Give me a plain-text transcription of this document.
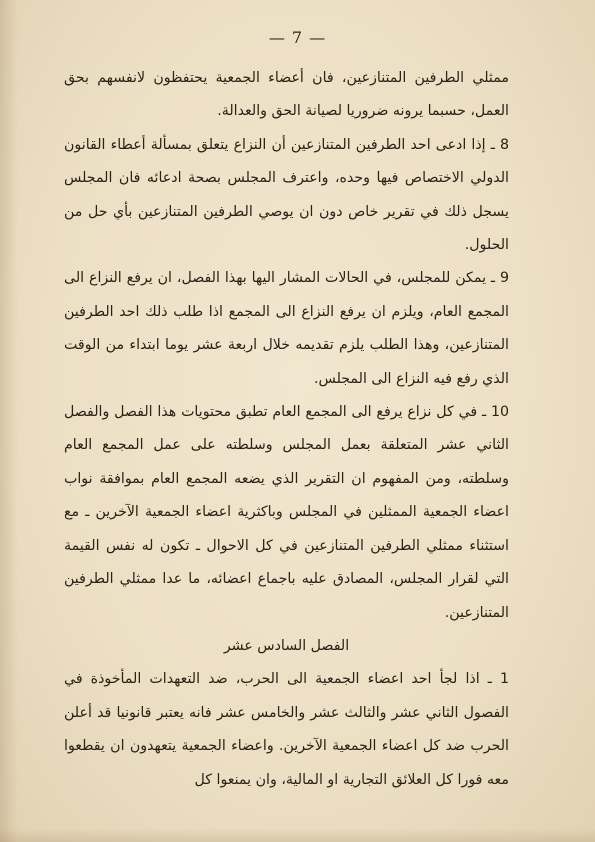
— 7 —

ممثلي الطرفين المتنازعين، فان أعضاء الجمعية يحتفظون لانفسهم بحق العمل، حسبما يرونه ضروريا لصيانة الحق والعدالة.

8 ـ إذا ادعى احد الطرفين المتنازعين أن النزاع يتعلق بمسألة أعطاء القانون الدولي الاختصاص فيها وحده، واعترف المجلس بصحة ادعائه فان المجلس يسجل ذلك في تقرير خاص دون ان يوصي الطرفين المتنازعين بأي حل من الحلول.

9 ـ يمكن للمجلس، في الحالات المشار اليها بهذا الفصل، ان يرفع النزاع الى المجمع العام، ويلزم ان يرفع النزاع الى المجمع اذا طلب ذلك احد الطرفين المتنازعين، وهذا الطلب يلزم تقديمه خلال اربعة عشر يوما ابتداء من الوقت الذي رفع فيه النزاع الى المجلس.

10 ـ في كل نزاع يرفع الى المجمع العام تطبق محتويات هذا الفصل والفصل الثاني عشر المتعلقة بعمل المجلس وسلطته على عمل المجمع العام وسلطته، ومن المفهوم ان التقرير الذي يضعه المجمع العام بموافقة نواب اعضاء الجمعية الممثلين في المجلس وباكثرية اعضاء الجمعية الآخرين ـ مع استثناء ممثلي الطرفين المتنازعين في كل الاحوال ـ تكون له نفس القيمة التي لقرار المجلس، المصادق عليه باجماع اعضائه، ما عدا ممثلي الطرفين المتنازعين.

الفصل السادس عشر

1 ـ اذا لجأ احد اعضاء الجمعية الى الحرب، ضد التعهدات المأخوذة في الفصول الثاني عشر والثالث عشر والخامس عشر فانه يعتبر قانونيا قد أعلن الحرب ضد كل اعضاء الجمعية الآخرين. واعضاء الجمعية يتعهدون ان يقطعوا معه فورا كل العلائق التجارية او المالية، وان يمنعوا كل
